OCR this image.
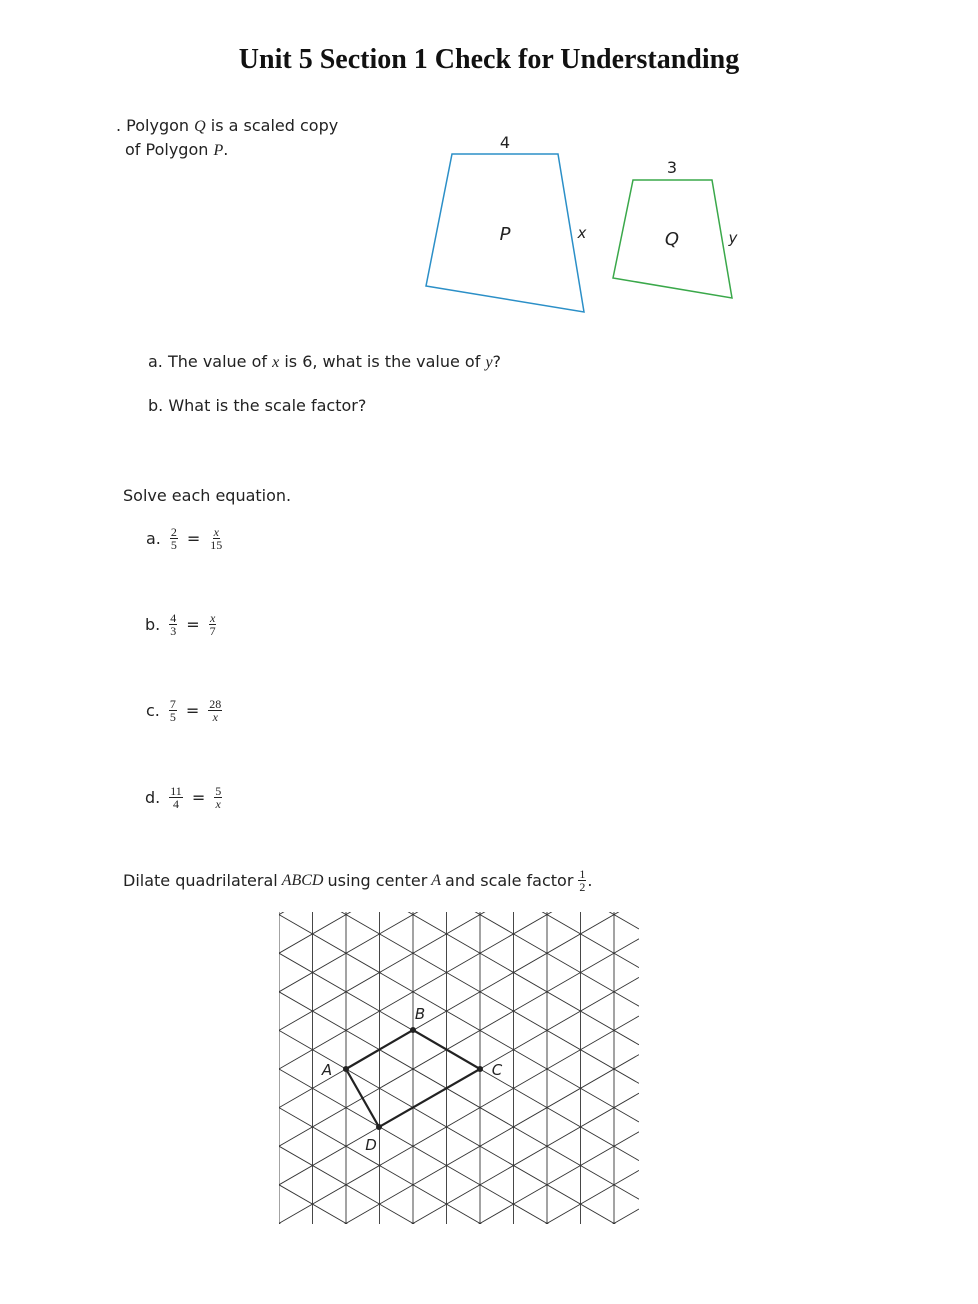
Unit 5 Section 1 Check for Understanding
. Polygon Q is a scaled copy
of Polygon P.	4
P	x
3
Q	y
a. The value of x is 6, what is the value of y?
b. What is the scale factor?
Solve each equation.
a. $\frac{2}{5} = \frac{x}{15}$
b. $\frac{4}{3} = \frac{x}{7}$
c. $\frac{7}{5} = \frac{28}{x}$
d. $\frac{11}{4} = \frac{5}{x}$
Dilate quadrilateral ABCD using center A and scale factor $\frac{1}{2}$ .
A
B
C
D
